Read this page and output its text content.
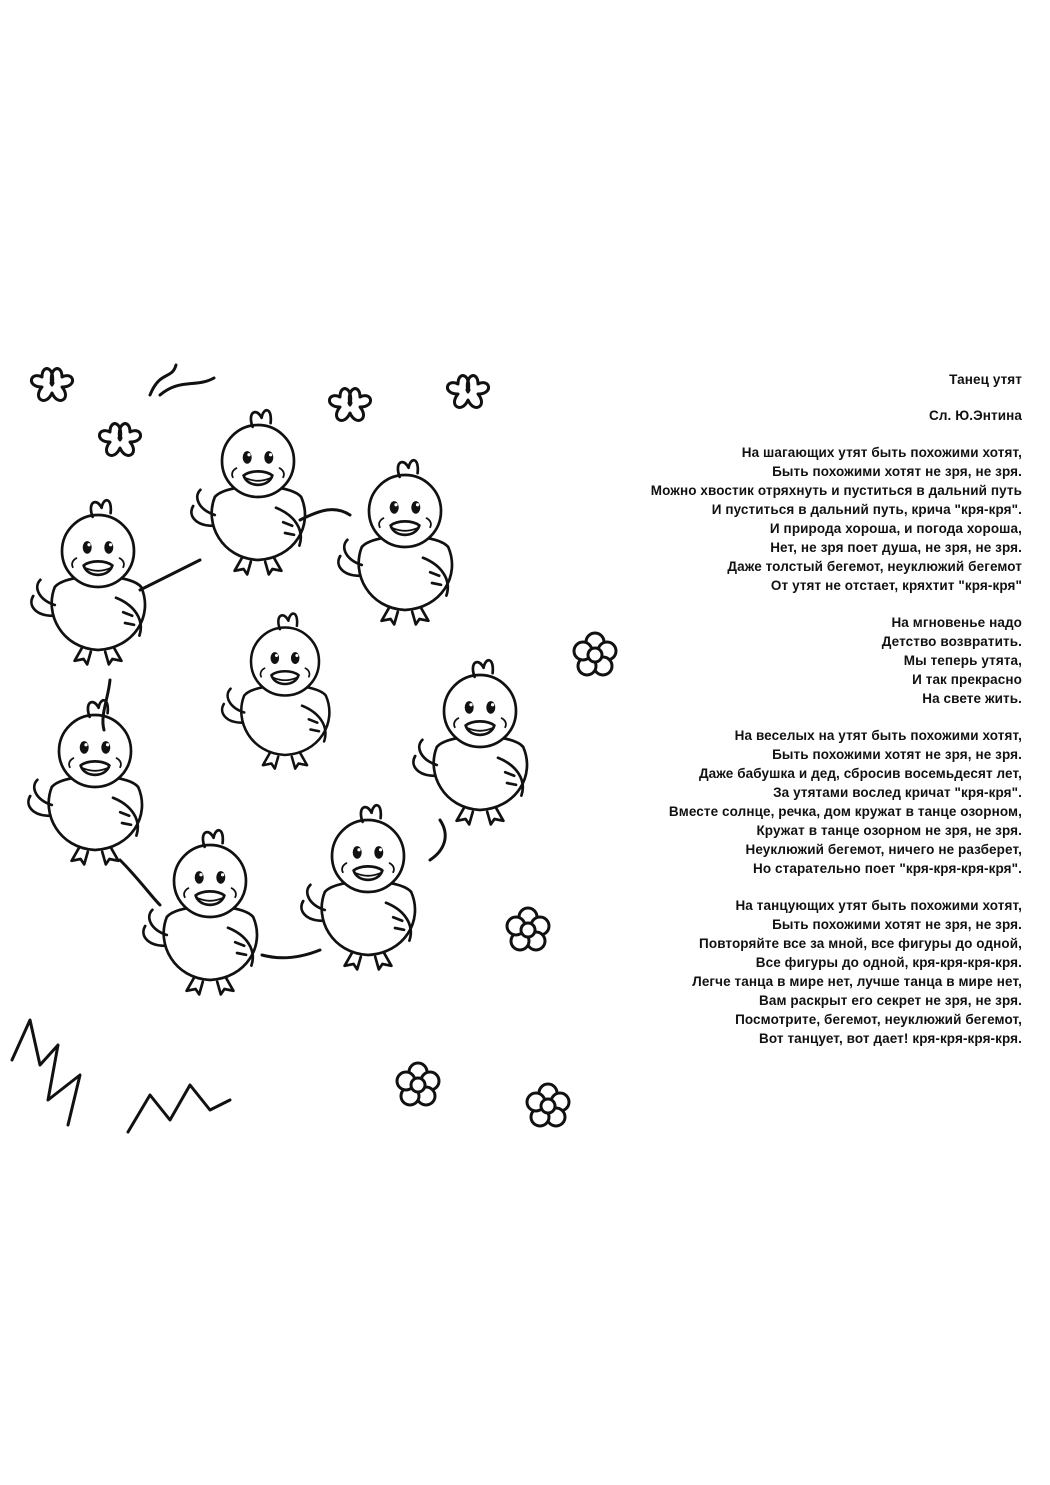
Танец утят

Сл. Ю.Энтина

На шагающих утят быть похожими хотят,
Быть похожими хотят не зря, не зря.
Можно хвостик отряхнуть и пуститься в дальний путь
И пуститься в дальний путь, крича "кря-кря".
И природа хороша, и погода хороша,
Нет, не зря поет душа, не зря, не зря.
Даже толстый бегемот, неуклюжий бегемот
От утят не отстает, кряхтит "кря-кря"

На мгновенье надо
Детство возвратить.
Мы теперь утята,
И так прекрасно
На свете жить.

На веселых на утят быть похожими хотят,
Быть похожими хотят не зря, не зря.
Даже бабушка и дед, сбросив восемьдесят лет,
За утятами вослед кричат "кря-кря".
Вместе солнце, речка, дом кружат в танце озорном,
Кружат в танце озорном не зря, не зря.
Неуклюжий бегемот, ничего не разберет,
Но старательно поет "кря-кря-кря-кря".

На танцующих утят быть похожими хотят,
Быть похожими хотят не зря, не зря.
Повторяйте все за мной, все фигуры до одной,
Все фигуры до одной, кря-кря-кря-кря.
Легче танца в мире нет, лучше танца в мире нет,
Вам раскрыт его секрет не зря, не зря.
Посмотрите, бегемот, неуклюжий бегемот,
Вот танцует, вот дает! кря-кря-кря-кря.
